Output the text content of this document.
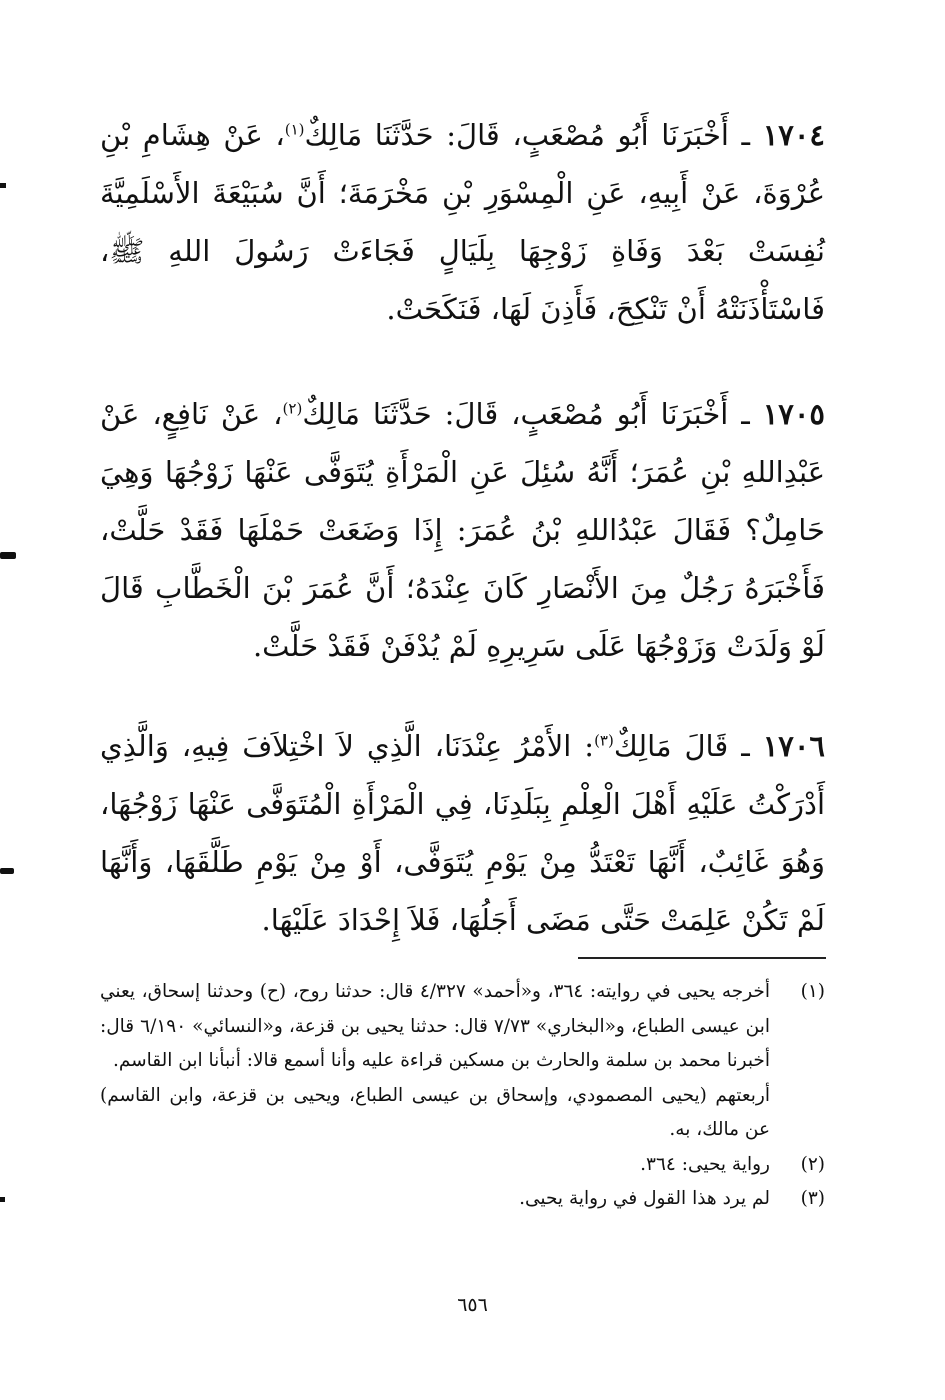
١٧٠٤ ـ أَخْبَرَنَا أَبُو مُصْعَبٍ، قَالَ: حَدَّثَنَا مَالِكٌ$^{(١)}$، عَنْ هِشَامِ بْنِ عُرْوَةَ، عَنْ أَبِيهِ، عَنِ الْمِسْوَرِ بْنِ مَخْرَمَةَ؛ أَنَّ سُبَيْعَةَ الأَسْلَمِيَّةَ نُفِسَتْ بَعْدَ وَفَاةِ زَوْجِهَا بِلَيَالٍ فَجَاءَتْ رَسُولَ اللهِ ﷺ، فَاسْتَأْذَنَتْهُ أَنْ تَنْكِحَ، فَأَذِنَ لَهَا، فَنَكَحَتْ.

١٧٠٥ ـ أَخْبَرَنَا أَبُو مُصْعَبٍ، قَالَ: حَدَّثَنَا مَالِكٌ$^{(٢)}$، عَنْ نَافِعٍ، عَنْ عَبْدِاللهِ بْنِ عُمَرَ؛ أَنَّهُ سُئِلَ عَنِ الْمَرْأَةِ يُتَوَفَّى عَنْهَا زَوْجُهَا وَهِيَ حَامِلٌ؟ فَقَالَ عَبْدُاللهِ بْنُ عُمَرَ: إِذَا وَضَعَتْ حَمْلَهَا فَقَدْ حَلَّتْ، فَأَخْبَرَهُ رَجُلٌ مِنَ الأَنْصَارِ كَانَ عِنْدَهُ؛ أَنَّ عُمَرَ بْنَ الْخَطَّابِ قَالَ لَوْ وَلَدَتْ وَزَوْجُهَا عَلَى سَرِيرِهِ لَمْ يُدْفَنْ فَقَدْ حَلَّتْ.

١٧٠٦ ـ قَالَ مَالِكٌ$^{(٣)}$: الأَمْرُ عِنْدَنَا، الَّذِي لاَ اخْتِلاَفَ فِيهِ، وَالَّذِي أَدْرَكْتُ عَلَيْهِ أَهْلَ الْعِلْمِ بِبَلَدِنَا، فِي الْمَرْأَةِ الْمُتَوَفَّى عَنْهَا زَوْجُهَا، وَهُوَ غَائِبٌ، أَنَّهَا تَعْتَدُّ مِنْ يَوْمِ يُتَوَفَّى، أَوْ مِنْ يَوْمِ طَلَّقَهَا، وَأَنَّهَا لَمْ تَكُنْ عَلِمَتْ حَتَّى مَضَى أَجَلُهَا، فَلاَ إِحْدَادَ عَلَيْهَا.

(١)
أخرجه يحيى في روايته: ٣٦٤، و«أحمد» ٤/٣٢٧ قال: حدثنا روح، (ح) وحدثنا إسحاق، يعني ابن عيسى الطباع، و«البخاري» ٧/٧٣ قال: حدثنا يحيى بن قزعة، و«النسائي» ٦/١٩٠ قال: أخبرنا محمد بن سلمة والحارث بن مسكين قراءة عليه وأنا أسمع قالا: أنبأنا ابن القاسم.
أربعتهم (يحيى المصمودي، وإسحاق بن عيسى الطباع، ويحيى بن قزعة، وابن القاسم) عن مالك، به.
(٢)
رواية يحيى: ٣٦٤.
(٣)
لم يرد هذا القول في رواية يحيى.
٦٥٦
